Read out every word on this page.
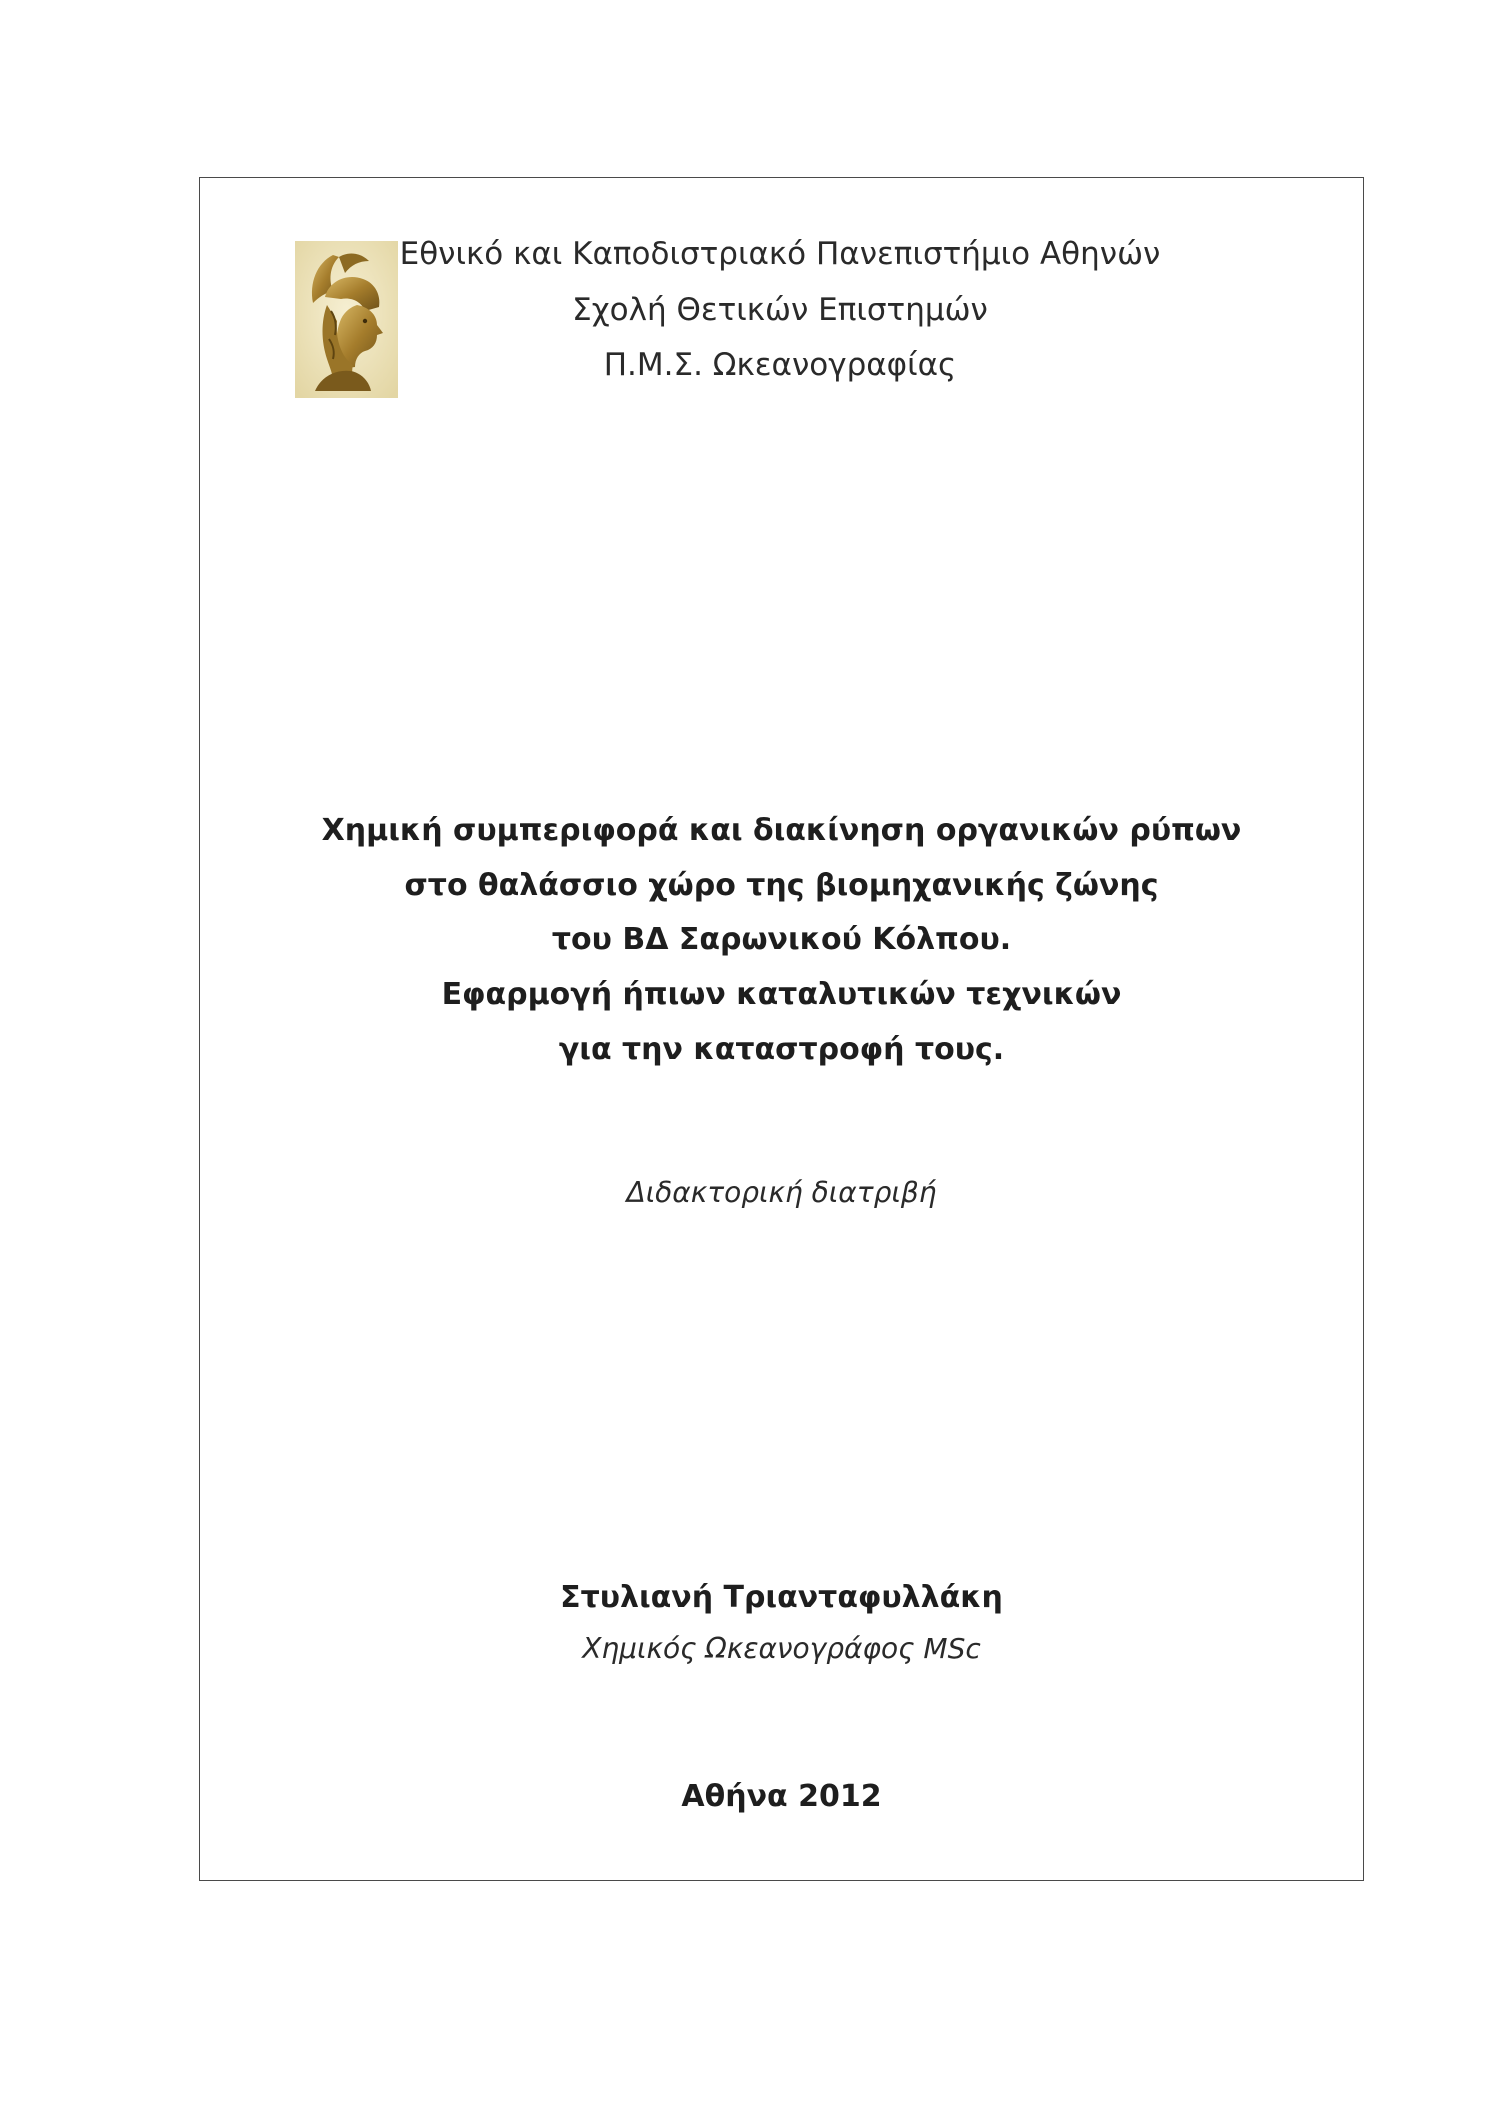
Εθνικό και Καποδιστριακό Πανεπιστήμιο Αθηνών
Σχολή Θετικών Επιστημών
Π.Μ.Σ. Ωκεανογραφίας
Χημική συμπεριφορά και διακίνηση οργανικών ρύπων
στο θαλάσσιο χώρο της βιομηχανικής ζώνης
του ΒΔ Σαρωνικού Κόλπου.
Εφαρμογή ήπιων καταλυτικών τεχνικών
για την καταστροφή τους.
Διδακτορική διατριβή
Στυλιανή Τριανταφυλλάκη
Χημικός Ωκεανογράφος MSc
Αθήνα 2012
